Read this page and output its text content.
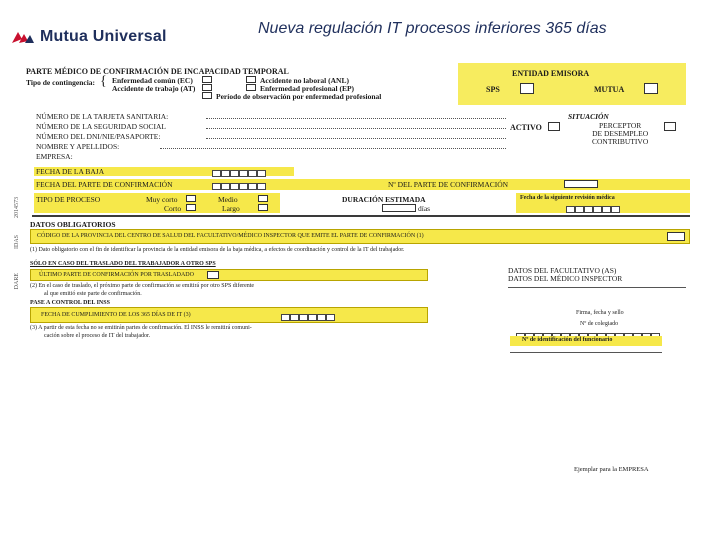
Mutua Universal	Nueva regulación IT procesos inferiores 365 días
PARTE MÉDICO DE CONFIRMACIÓN DE INCAPACIDAD TEMPORAL
Tipo de contingencia: { Enfermedad común (EC)
Accidente de trabajo (AT)
Accidente no laboral (ANL)
Enfermedad profesional (EP)
Período de observación por enfermedad profesional
ENTIDAD EMISORA
SPS	MUTUA
NÚMERO DE LA TARJETA SANITARIA:
NÚMERO DE LA SEGURIDAD SOCIAL
NÚMERO DEL DNI/NIE/PASAPORTE:
NOMBRE Y APELLIDOS:
EMPRESA:
SITUACIÓN
ACTIVO	PERCEPTOR
DE DESEMPLEO
CONTRIBUTIVO
FECHA DE LA BAJA
FECHA DEL PARTE DE CONFIRMACIÓN	Nº DEL PARTE DE CONFIRMACIÓN
TIPO DE PROCESO	Muy corto	Medio
Corto	Largo
DURACIÓN ESTIMADA
días
Fecha de la siguiente revisión médica
2014573
IDAS
DARE
DATOS OBLIGATORIOS
CÓDIGO DE LA PROVINCIA DEL CENTRO DE SALUD DEL FACULTATIVO/MÉDICO INSPECTOR QUE EMITE EL PARTE DE CONFIRMACIÓN (1)
(1) Dato obligatorio con el fin de identificar la provincia de la entidad emisora de la baja médica, a efectos de coordinación y control de la IT del trabajador.
SÓLO EN CASO DEL TRASLADO DEL TRABAJADOR A OTRO SPS
ÚLTIMO PARTE DE CONFIRMACIÓN POR TRASLADADO
(2) En el caso de traslado, el próximo parte de confirmación se emitirá por otro SPS diferente
al que emitió este parte de confirmación.
PASE A CONTROL DEL INSS
FECHA DE CUMPLIMIENTO DE LOS 365 DÍAS DE IT (3)
(3) A partir de esta fecha no se emitirán partes de confirmación. El INSS le remitirá comuni-
cación sobre el proceso de IT del trabajador.
DATOS DEL FACULTATIVO (AS)
DATOS DEL MÉDICO INSPECTOR
Firma, fecha y sello
Nº de colegiado
Nº de identificación del funcionario
Ejemplar para la EMPRESA
